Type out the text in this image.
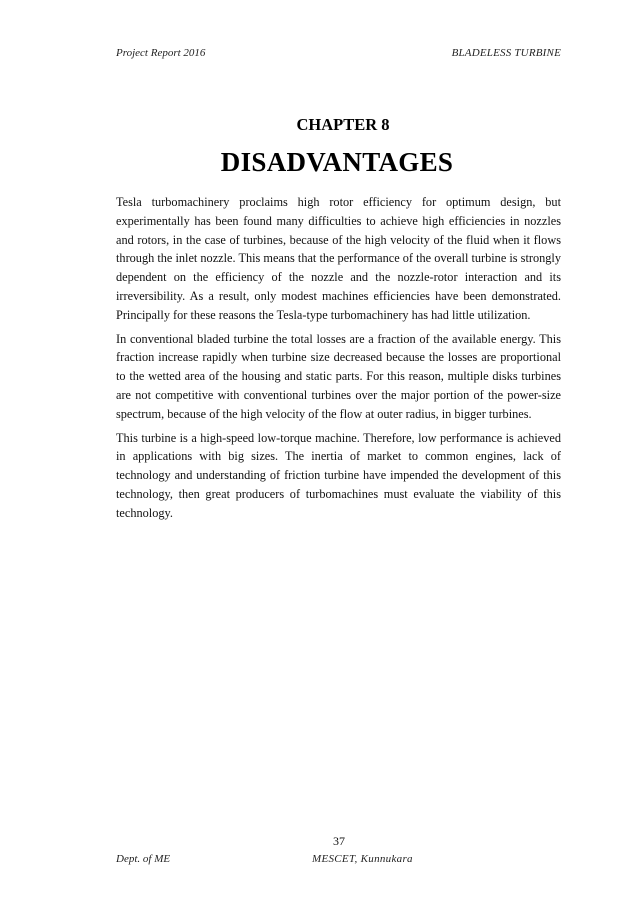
Project Report 2016	BLADELESS TURBINE
CHAPTER 8
DISADVANTAGES

Tesla turbomachinery proclaims high rotor efficiency for optimum design, but experimentally has been found many difficulties to achieve high efficiencies in nozzles and rotors, in the case of turbines, because of the high velocity of the fluid when it flows through the inlet nozzle. This means that the performance of the overall turbine is strongly dependent on the efficiency of the nozzle and the nozzle-rotor interaction and its irreversibility. As a result, only modest machines efficiencies have been demonstrated. Principally for these reasons the Tesla-type turbomachinery has had little utilization.

In conventional bladed turbine the total losses are a fraction of the available energy. This fraction increase rapidly when turbine size decreased because the losses are proportional to the wetted area of the housing and static parts. For this reason, multiple disks turbines are not competitive with conventional turbines over the major portion of the power-size spectrum, because of the high velocity of the flow at outer radius, in bigger turbines.

This turbine is a high-speed low-torque machine. Therefore, low performance is achieved in applications with big sizes. The inertia of market to common engines, lack of technology and understanding of friction turbine have impended the development of this technology, then great producers of turbomachines must evaluate the viability of this technology.

37
Dept. of ME	MESCET, Kunnukara
